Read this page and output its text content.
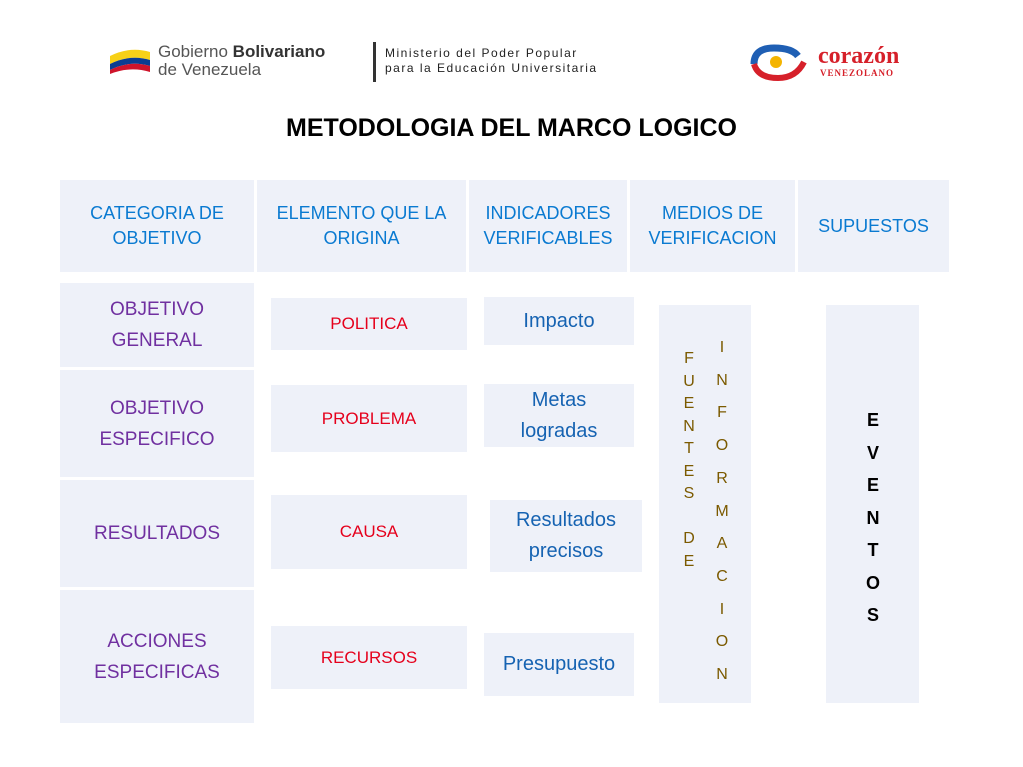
Gobierno Bolivariano
de Venezuela
Ministerio del Poder Popular
para la Educación Universitaria	corazón
VENEZOLANO
METODOLOGIA DEL MARCO LOGICO
CATEGORIA DE OBJETIVO
ELEMENTO QUE LA ORIGINA
INDICADORES VERIFICABLES
MEDIOS DE VERIFICACION
SUPUESTOS
OBJETIVO GENERAL
OBJETIVO ESPECIFICO
RESULTADOS
ACCIONES ESPECIFICAS
POLITICA
PROBLEMA
CAUSA
RECURSOS
Impacto
Metas logradas
Resultados precisos
Presupuesto
F
U
E
N
T
E
S

D
E
I
N
F
O
R
M
A
C
I
O
N
E
V
E
N
T
O
S
